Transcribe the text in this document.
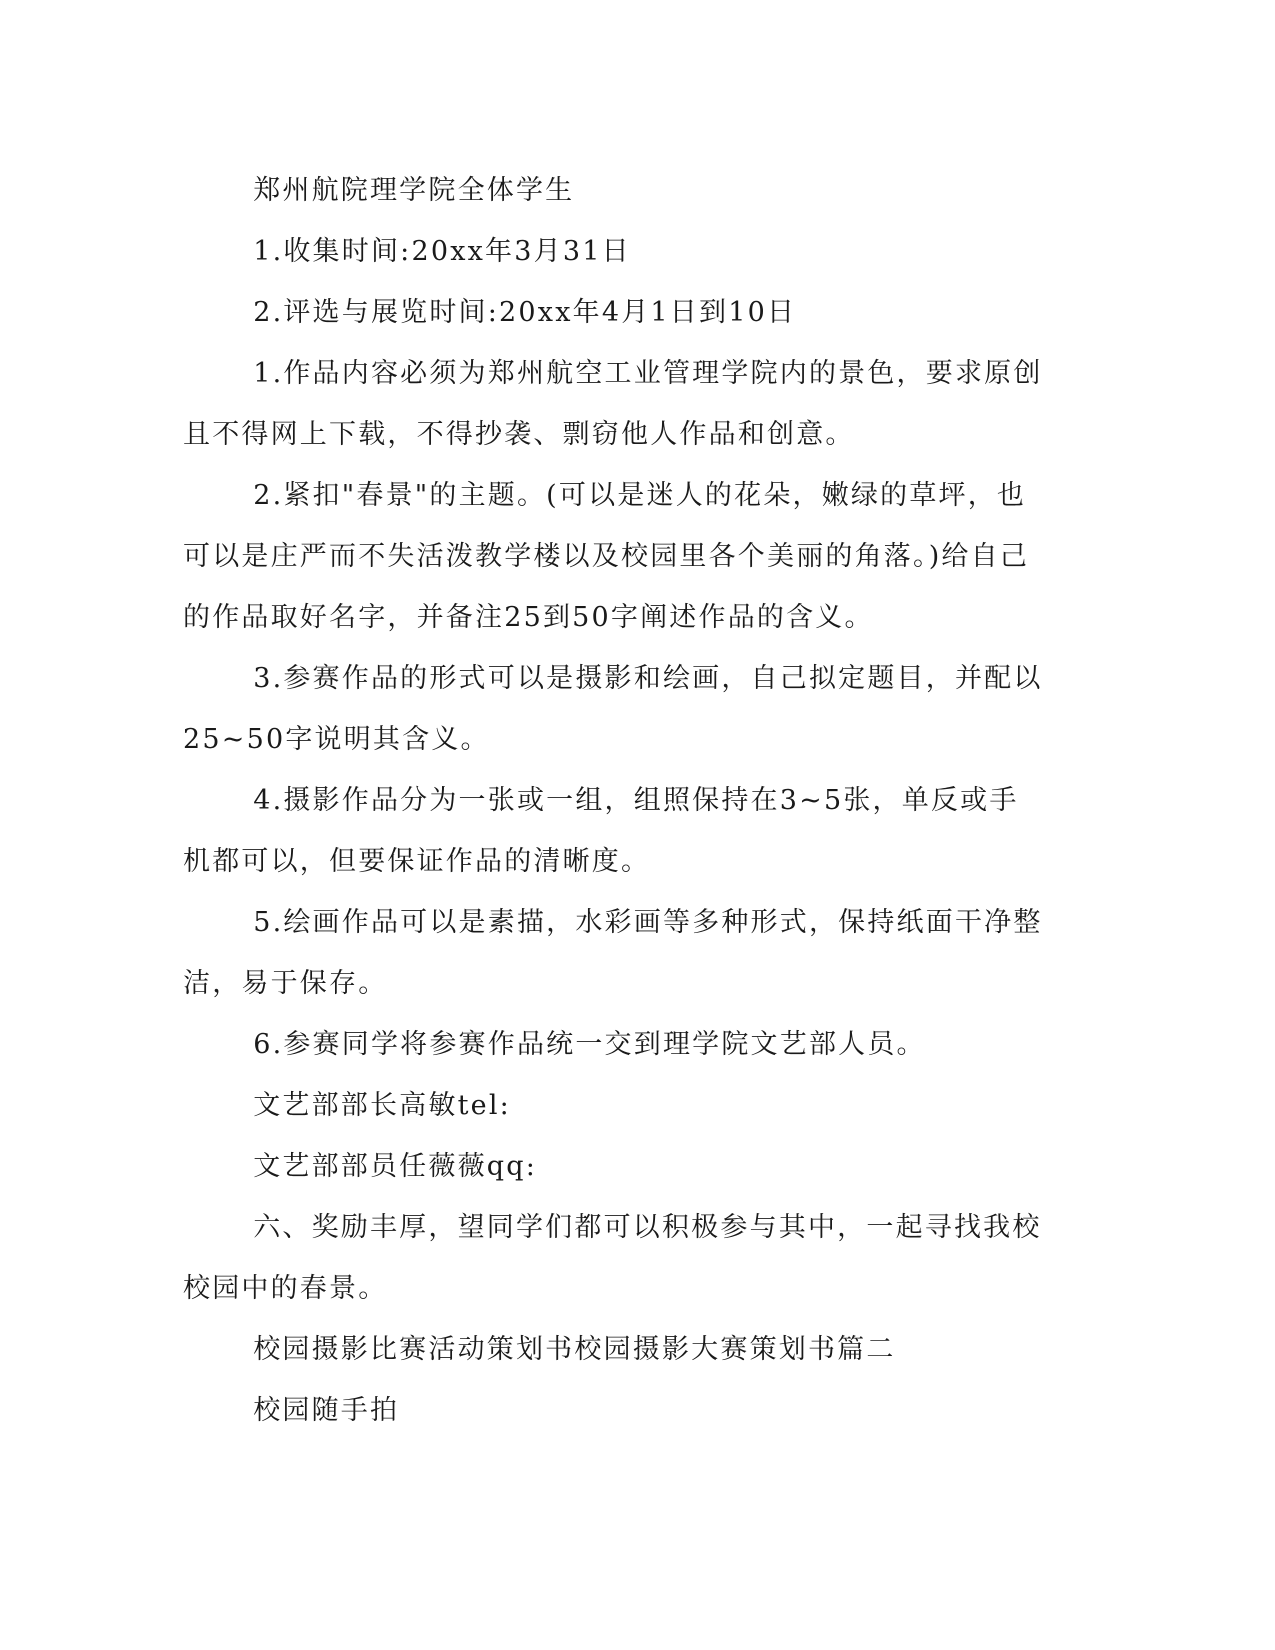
郑州航院理学院全体学生

1.收集时间:20xx年3月31日

2.评选与展览时间:20xx年4月1日到10日

1.作品内容必须为郑州航空工业管理学院内的景色，要求原创且不得网上下载，不得抄袭、剽窃他人作品和创意。

2.紧扣"春景"的主题。(可以是迷人的花朵，嫩绿的草坪，也可以是庄严而不失活泼教学楼以及校园里各个美丽的角落。)给自己的作品取好名字，并备注25到50字阐述作品的含义。

3.参赛作品的形式可以是摄影和绘画，自己拟定题目，并配以25~50字说明其含义。

4.摄影作品分为一张或一组，组照保持在3~5张，单反或手机都可以，但要保证作品的清晰度。

5.绘画作品可以是素描，水彩画等多种形式，保持纸面干净整洁，易于保存。

6.参赛同学将参赛作品统一交到理学院文艺部人员。

文艺部部长高敏tel:

文艺部部员任薇薇qq:

六、奖励丰厚，望同学们都可以积极参与其中，一起寻找我校校园中的春景。

校园摄影比赛活动策划书校园摄影大赛策划书篇二

校园随手拍
